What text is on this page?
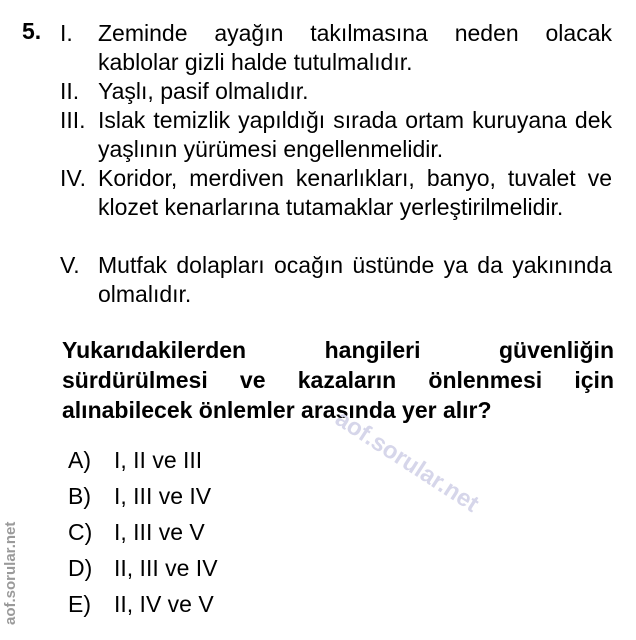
5. I. Zeminde ayağın takılmasına neden olacak kablolar gizli halde tutulmalıdır.
II. Yaşlı, pasif olmalıdır.
III. Islak temizlik yapıldığı sırada ortam kuruyana dek yaşlının yürümesi engellenmelidir.
IV. Koridor, merdiven kenarlıkları, banyo, tuvalet ve klozet kenarlarına tutamaklar yerleştirilmelidir.
V. Mutfak dolapları ocağın üstünde ya da yakınında olmalıdır.
Yukarıdakilerden hangileri güvenliğin sürdürülmesi ve kazaların önlenmesi için alınabilecek önlemler arasında yer alır?
A) I, II ve III
B) I, III ve IV
C) I, III ve V
D) II, III ve IV
E) II, IV ve V
aof.sorular.net
aof.sorular.net
